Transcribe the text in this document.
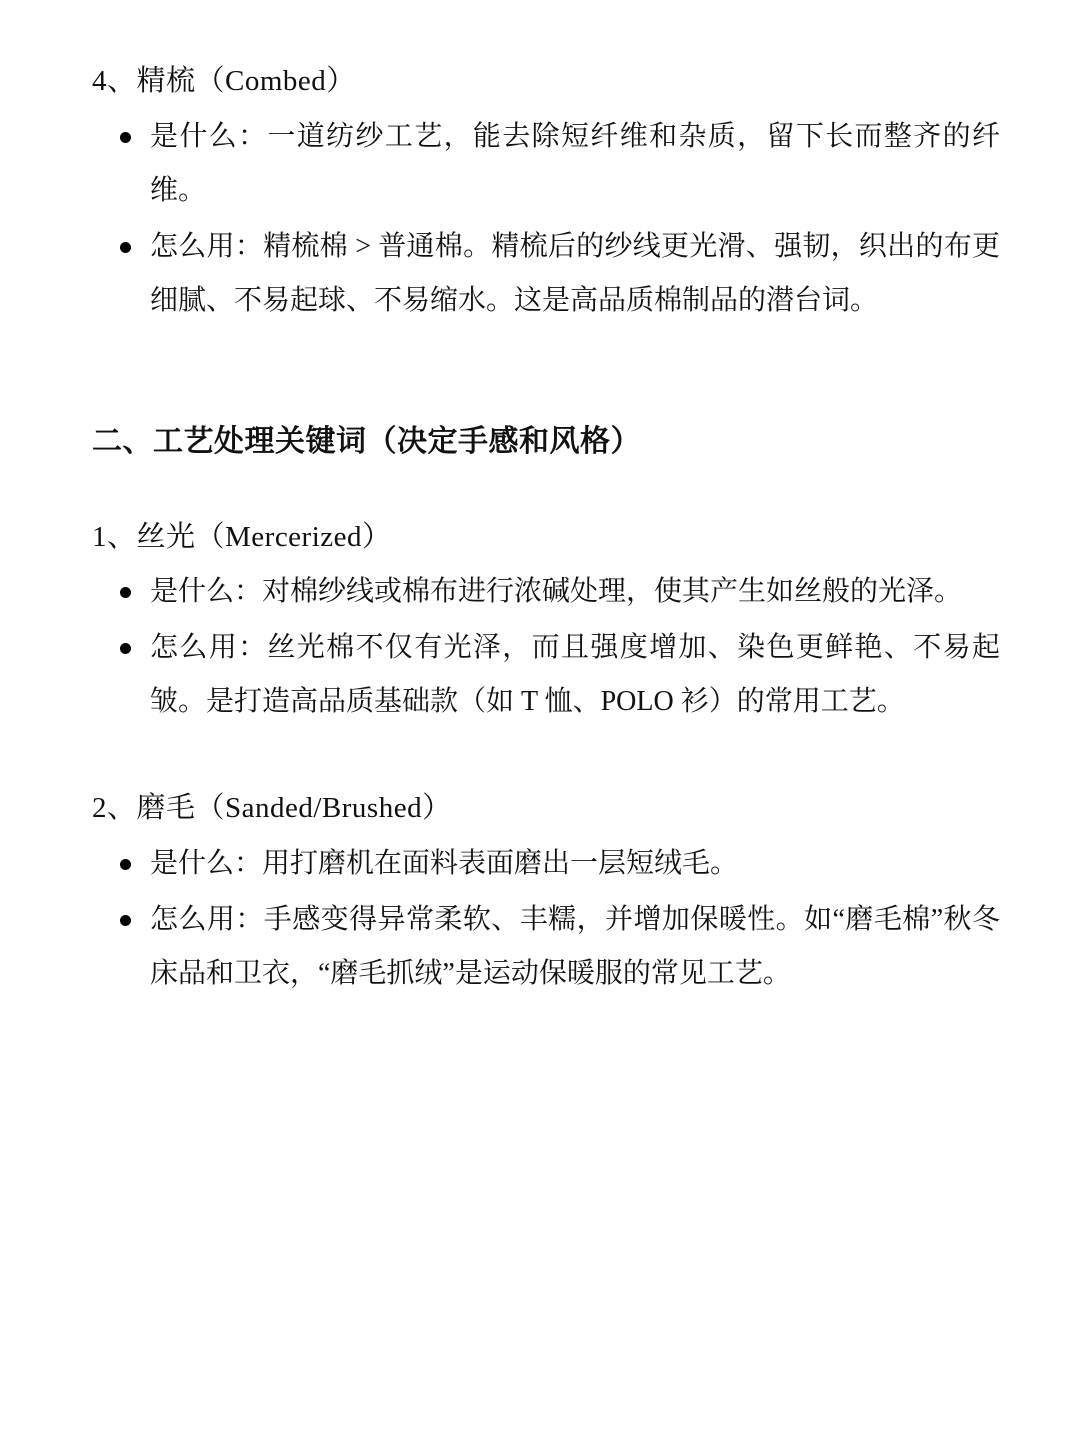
4、精梳（Combed）

是什么：一道纺纱工艺，能去除短纤维和杂质，留下长而整齐的纤维。
怎么用：精梳棉 > 普通棉。精梳后的纱线更光滑、强韧，织出的布更细腻、不易起球、不易缩水。这是高品质棉制品的潜台词。

二、工艺处理关键词（决定手感和风格）

1、丝光（Mercerized）

是什么：对棉纱线或棉布进行浓碱处理，使其产生如丝般的光泽。
怎么用：丝光棉不仅有光泽，而且强度增加、染色更鲜艳、不易起皱。是打造高品质基础款（如 T 恤、POLO 衫）的常用工艺。

2、磨毛（Sanded/Brushed）

是什么：用打磨机在面料表面磨出一层短绒毛。
怎么用：手感变得异常柔软、丰糯，并增加保暖性。如“磨毛棉”秋冬床品和卫衣，“磨毛抓绒”是运动保暖服的常见工艺。
